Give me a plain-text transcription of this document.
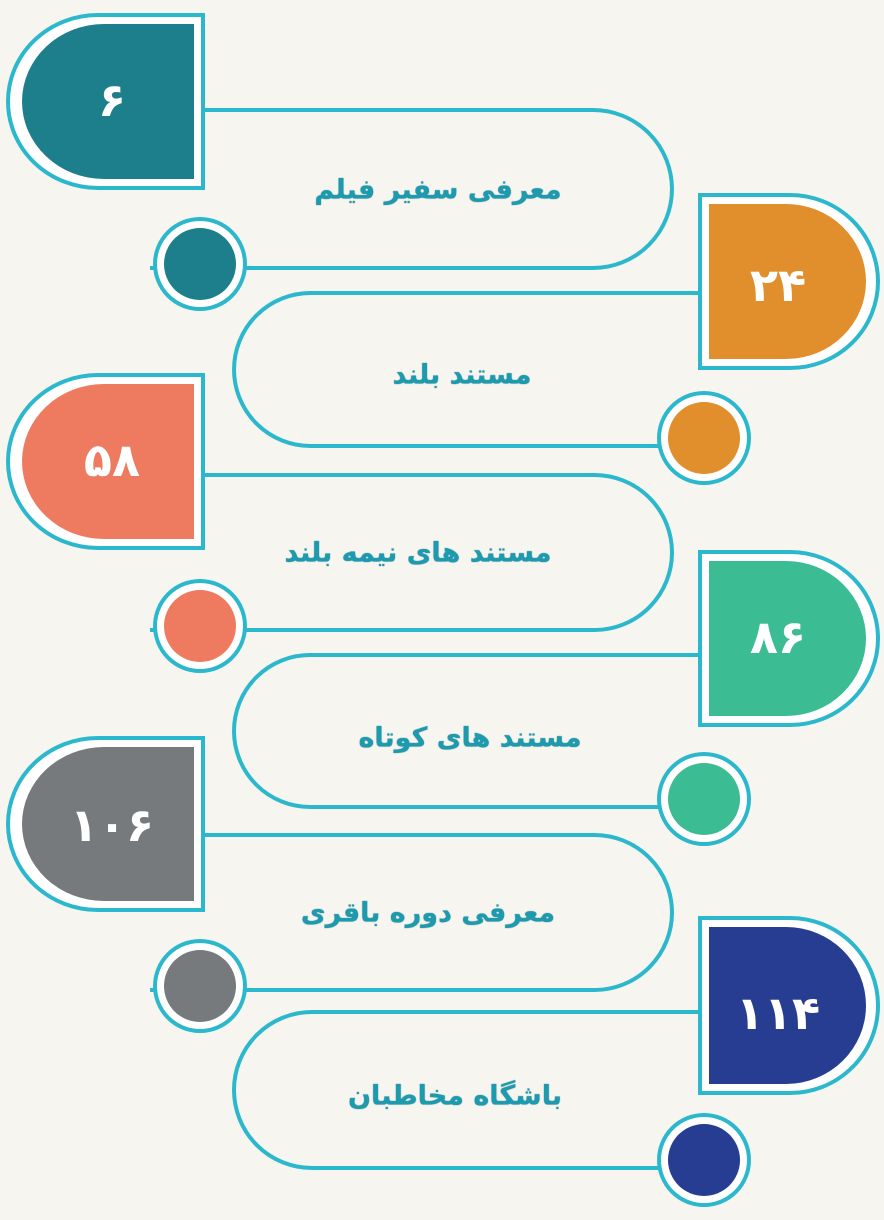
۶
معرفی سفیر فیلم
۲۴
مستند بلند
۵۸
مستند های نیمه بلند
۸۶
مستند های کوتاه
۱۰۶
معرفی دوره باقری
۱۱۴
باشگاه مخاطبان
